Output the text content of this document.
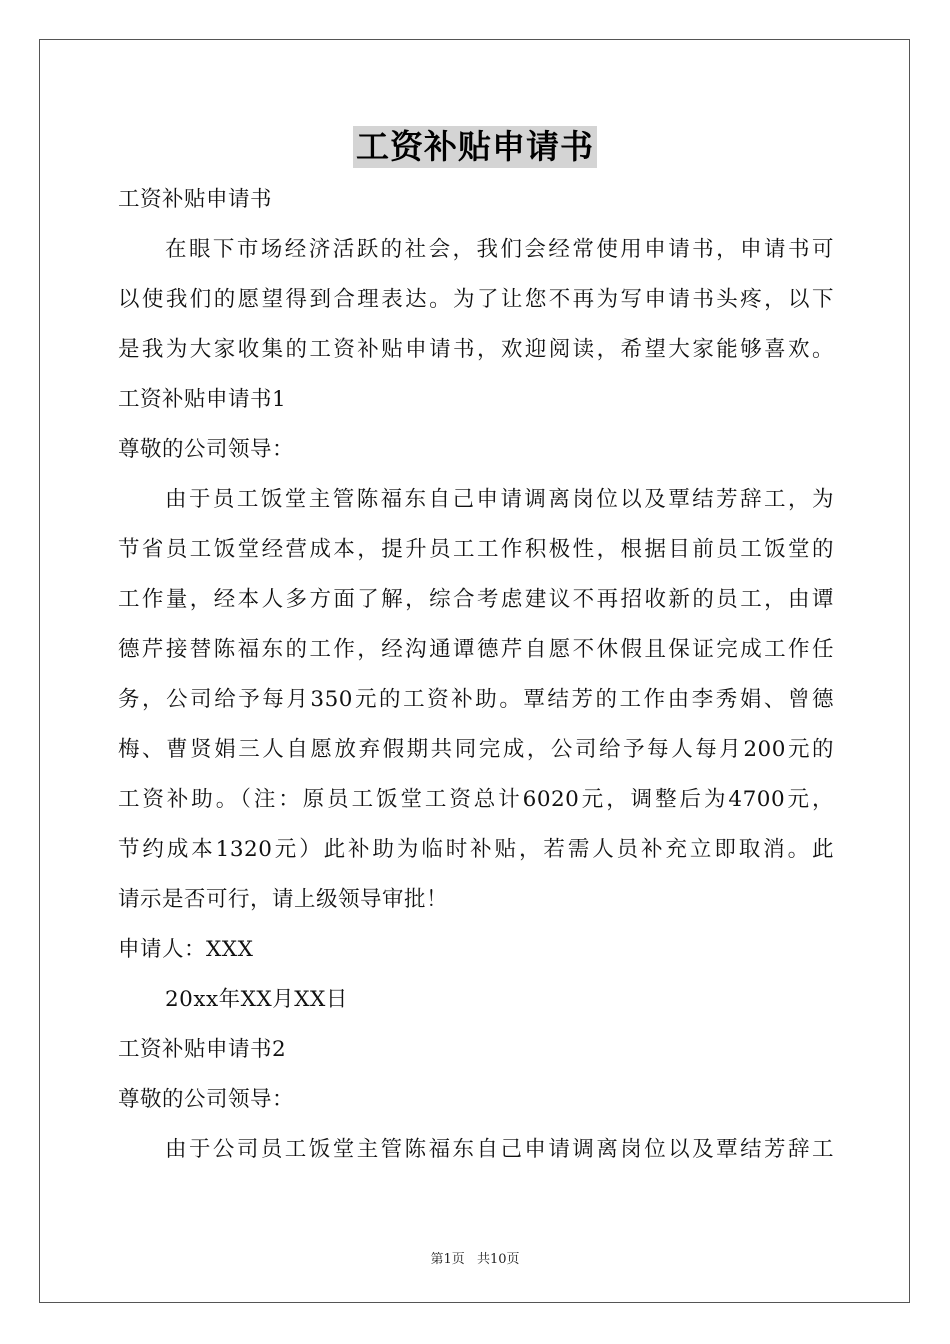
工资补贴申请书
工资补贴申请书
在眼下市场经济活跃的社会，我们会经常使用申请书，申请书可
以使我们的愿望得到合理表达。为了让您不再为写申请书头疼，以下
是我为大家收集的工资补贴申请书，欢迎阅读，希望大家能够喜欢。
工资补贴申请书1
尊敬的公司领导：
由于员工饭堂主管陈福东自己申请调离岗位以及覃结芳辞工，为
节省员工饭堂经营成本，提升员工工作积极性，根据目前员工饭堂的
工作量，经本人多方面了解，综合考虑建议不再招收新的员工，由谭
德芹接替陈福东的工作，经沟通谭德芹自愿不休假且保证完成工作任
务，公司给予每月350元的工资补助。覃结芳的工作由李秀娟、曾德
梅、曹贤娟三人自愿放弃假期共同完成，公司给予每人每月200元的
工资补助。（注：原员工饭堂工资总计6020元，调整后为4700元，
节约成本1320元）此补助为临时补贴，若需人员补充立即取消。此
请示是否可行，请上级领导审批！
申请人：XXX
20xx年XX月XX日
工资补贴申请书2
尊敬的公司领导：
由于公司员工饭堂主管陈福东自己申请调离岗位以及覃结芳辞工
第1页 共10页
